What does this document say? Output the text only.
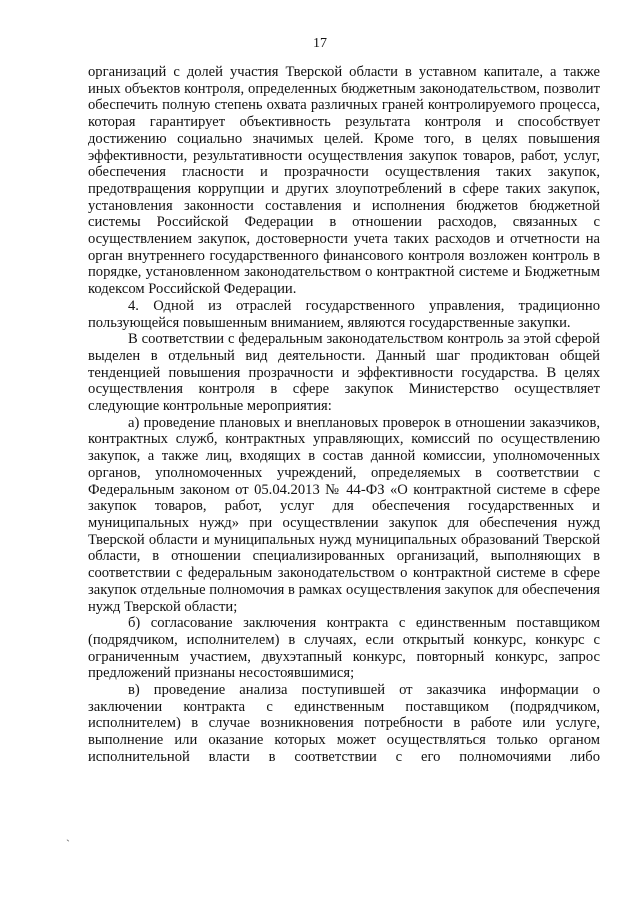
17

организаций с долей участия Тверской области в уставном капитале, а также иных объектов контроля, определенных бюджетным законодательством, позволит обеспечить полную степень охвата различных граней контролируемого процесса, которая гарантирует объективность результата контроля и способствует достижению социально значимых целей. Кроме того, в целях повышения эффективности, результативности осуществления закупок товаров, работ, услуг, обеспечения гласности и прозрачности осуществления таких закупок, предотвращения коррупции и других злоупотреблений в сфере таких закупок, установления законности составления и исполнения бюджетов бюджетной системы Российской Федерации в отношении расходов, связанных с осуществлением закупок, достоверности учета таких расходов и отчетности на орган внутреннего государственного финансового контроля возложен контроль в порядке, установленном законодательством о контрактной системе и Бюджетным кодексом Российской Федерации.

4. Одной из отраслей государственного управления, традиционно пользующейся повышенным вниманием, являются государственные закупки.

В соответствии с федеральным законодательством контроль за этой сферой выделен в отдельный вид деятельности. Данный шаг продиктован общей тенденцией повышения прозрачности и эффективности государства. В целях осуществления контроля в сфере закупок Министерство осуществляет следующие контрольные мероприятия:

а) проведение плановых и внеплановых проверок в отношении заказчиков, контрактных служб, контрактных управляющих, комиссий по осуществлению закупок, а также лиц, входящих в состав данной комиссии, уполномоченных органов, уполномоченных учреждений, определяемых в соответствии с Федеральным законом от 05.04.2013 № 44-ФЗ «О контрактной системе в сфере закупок товаров, работ, услуг для обеспечения государственных и муниципальных нужд» при осуществлении закупок для обеспечения нужд Тверской области и муниципальных нужд муниципальных образований Тверской области, в отношении специализированных организаций, выполняющих в соответствии с федеральным законодательством о контрактной системе в сфере закупок отдельные полномочия в рамках осуществления закупок для обеспечения нужд Тверской области;

б) согласование заключения контракта с единственным поставщиком (подрядчиком, исполнителем) в случаях, если открытый конкурс, конкурс с ограниченным участием, двухэтапный конкурс, повторный конкурс, запрос предложений признаны несостоявшимися;

в) проведение анализа поступившей от заказчика информации о заключении контракта с единственным поставщиком (подрядчиком, исполнителем) в случае возникновения потребности в работе или услуге, выполнение или оказание которых может осуществляться только органом исполнительной власти в соответствии с его полномочиями либо

ˏ
